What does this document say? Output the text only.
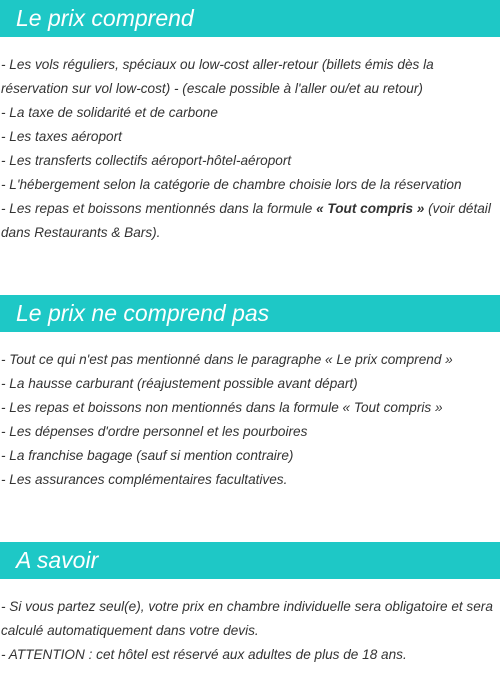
Le prix comprend
- Les vols réguliers, spéciaux ou low-cost aller-retour (billets émis dès la réservation sur vol low-cost) - (escale possible à l'aller ou/et au retour)
- La taxe de solidarité et de carbone
- Les taxes aéroport
- Les transferts collectifs aéroport-hôtel-aéroport
- L'hébergement selon la catégorie de chambre choisie lors de la réservation
- Les repas et boissons mentionnés dans la formule « Tout compris » (voir détail dans Restaurants & Bars).
Le prix ne comprend pas
- Tout ce qui n'est pas mentionné dans le paragraphe « Le prix comprend »
- La hausse carburant (réajustement possible avant départ)
- Les repas et boissons non mentionnés dans la formule « Tout compris »
- Les dépenses d'ordre personnel et les pourboires
- La franchise bagage (sauf si mention contraire)
- Les assurances complémentaires facultatives.
A savoir
- Si vous partez seul(e), votre prix en chambre individuelle sera obligatoire et sera calculé automatiquement dans votre devis.
- ATTENTION : cet hôtel est réservé aux adultes de plus de 18 ans.
